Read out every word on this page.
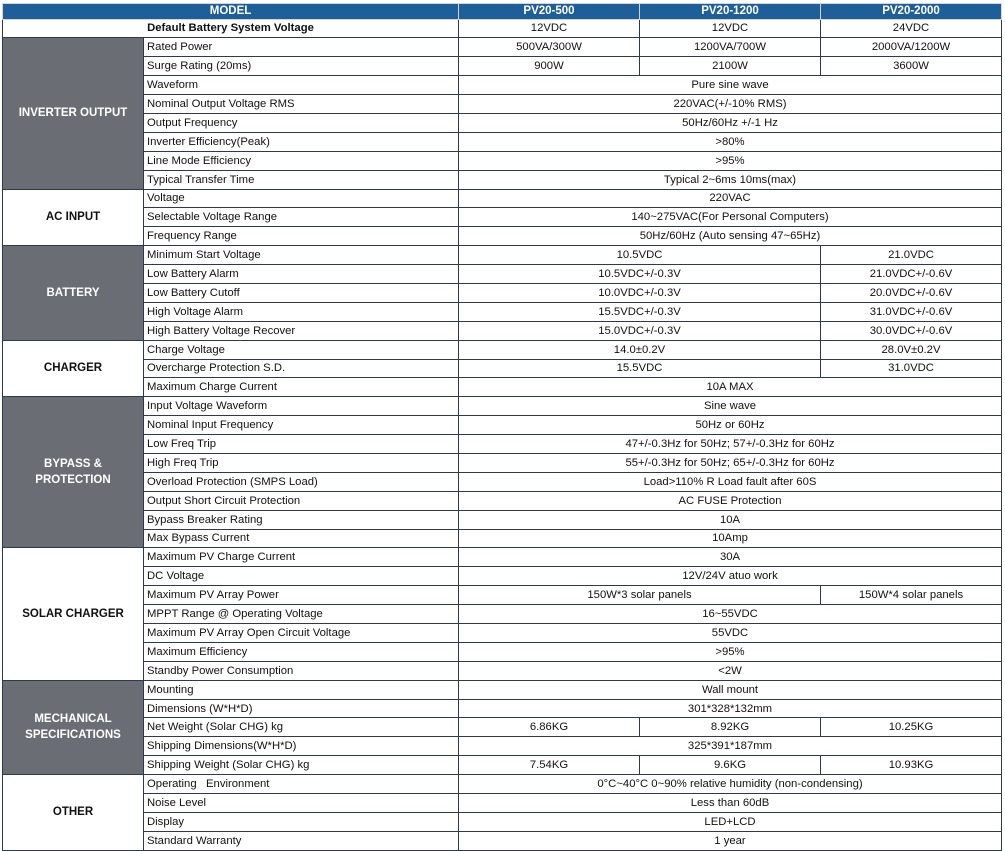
MODEL		PV20-500	PV20-1200	PV20-2000
Default Battery System Voltage		12VDC	12VDC	24VDC
INVERTER OUTPUT	Rated Power	500VA/300W	1200VA/700W	2000VA/1200W
	Surge Rating (20ms)	900W	2100W	3600W
	Waveform	Pure sine wave		
	Nominal Output Voltage RMS	220VAC(+/-10% RMS)		
	Output Frequency	50Hz/60Hz +/-1 Hz		
	Inverter Efficiency(Peak)	>80%		
	Line Mode Efficiency	>95%		
	Typical Transfer Time	Typical 2~6ms 10ms(max)		
AC INPUT	Voltage	220VAC		
	Selectable Voltage Range	140~275VAC(For Personal Computers)		
	Frequency Range	50Hz/60Hz (Auto sensing 47~65Hz)		
BATTERY	Minimum Start Voltage	10.5VDC		21.0VDC
	Low Battery Alarm	10.5VDC+/-0.3V		21.0VDC+/-0.6V
	Low Battery Cutoff	10.0VDC+/-0.3V		20.0VDC+/-0.6V
	High Voltage Alarm	15.5VDC+/-0.3V		31.0VDC+/-0.6V
	High Battery Voltage Recover	15.0VDC+/-0.3V		30.0VDC+/-0.6V
CHARGER	Charge Voltage	14.0±0.2V		28.0V±0.2V
	Overcharge Protection S.D.	15.5VDC		31.0VDC
	Maximum Charge Current	10A MAX		
BYPASS & PROTECTION	Input Voltage Waveform	Sine wave		
	Nominal Input Frequency	50Hz or 60Hz		
	Low Freq Trip	47+/-0.3Hz for 50Hz; 57+/-0.3Hz for 60Hz		
	High Freq Trip	55+/-0.3Hz for 50Hz; 65+/-0.3Hz for 60Hz		
	Overload Protection (SMPS Load)	Load>110% R Load fault after 60S		
	Output Short Circuit Protection	AC FUSE Protection		
	Bypass Breaker Rating	10A		
	Max Bypass Current	10Amp		
SOLAR CHARGER	Maximum PV Charge Current	30A		
	DC Voltage	12V/24V atuo work		
	Maximum PV Array Power	150W*3 solar panels		150W*4 solar panels
	MPPT Range @ Operating Voltage	16~55VDC		
	Maximum PV Array Open Circuit Voltage	55VDC		
	Maximum Efficiency	>95%		
	Standby Power Consumption	<2W		
MECHANICAL SPECIFICATIONS	Mounting	Wall mount		
	Dimensions (W*H*D)	301*328*132mm		
	Net Weight (Solar CHG) kg	6.86KG	8.92KG	10.25KG
	Shipping Dimensions(W*H*D)	325*391*187mm		
	Shipping Weight (Solar CHG) kg	7.54KG	9.6KG	10.93KG
OTHER	Operating   Environment	0°C~40°C 0~90% relative humidity (non-condensing)		
	Noise Level	Less than 60dB		
	Display	LED+LCD		
	Standard Warranty	1 year		
